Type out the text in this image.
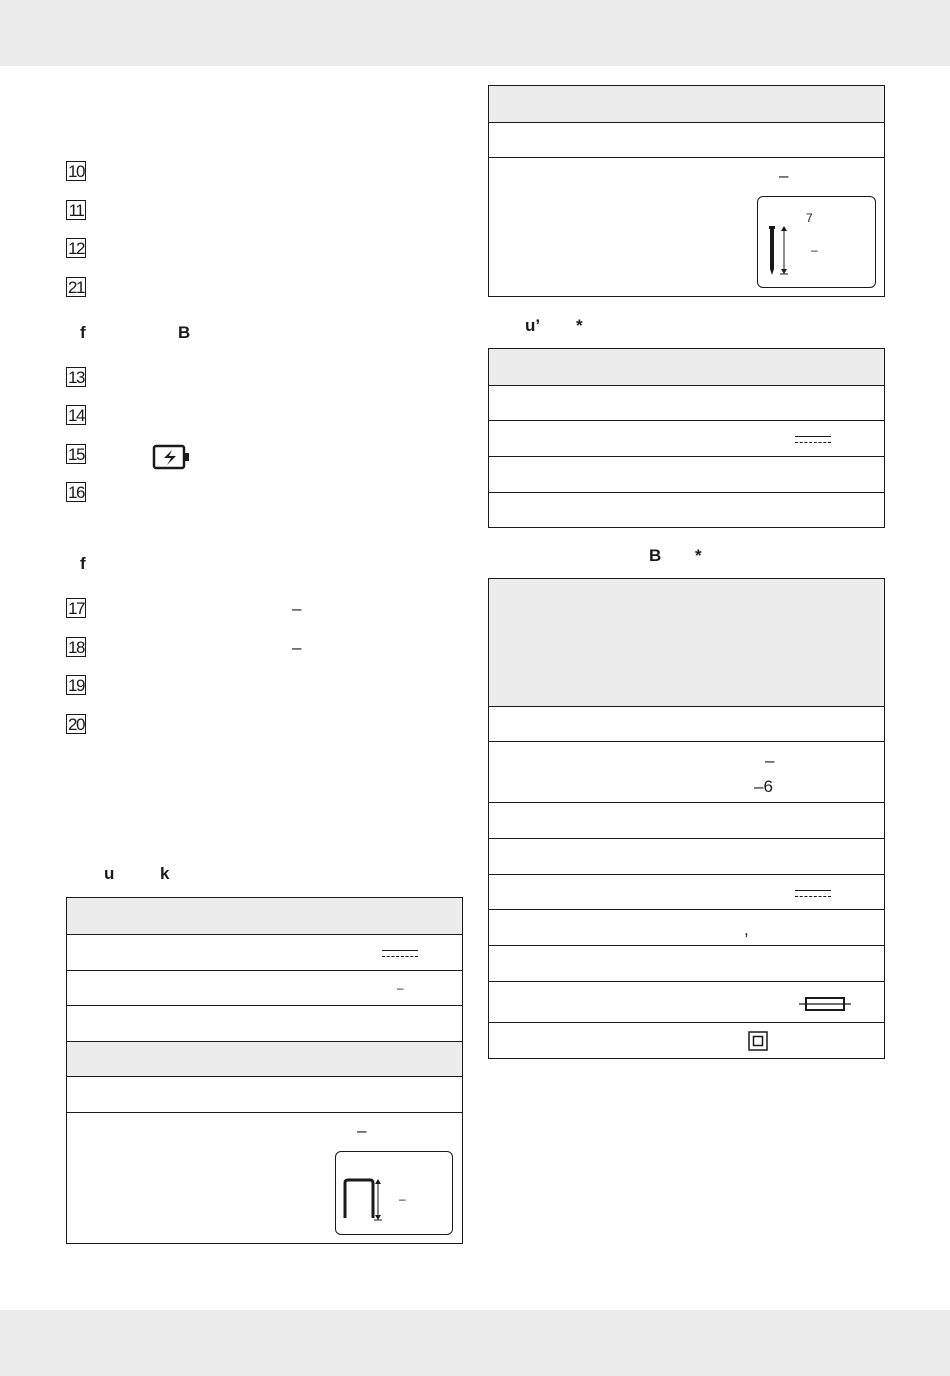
10
11
12
21
f	B
13
14
15
16
f
17	–
18	–
19
20
u	k
–
–
–
–
7
–
u’ *
B *
–
–6
,
